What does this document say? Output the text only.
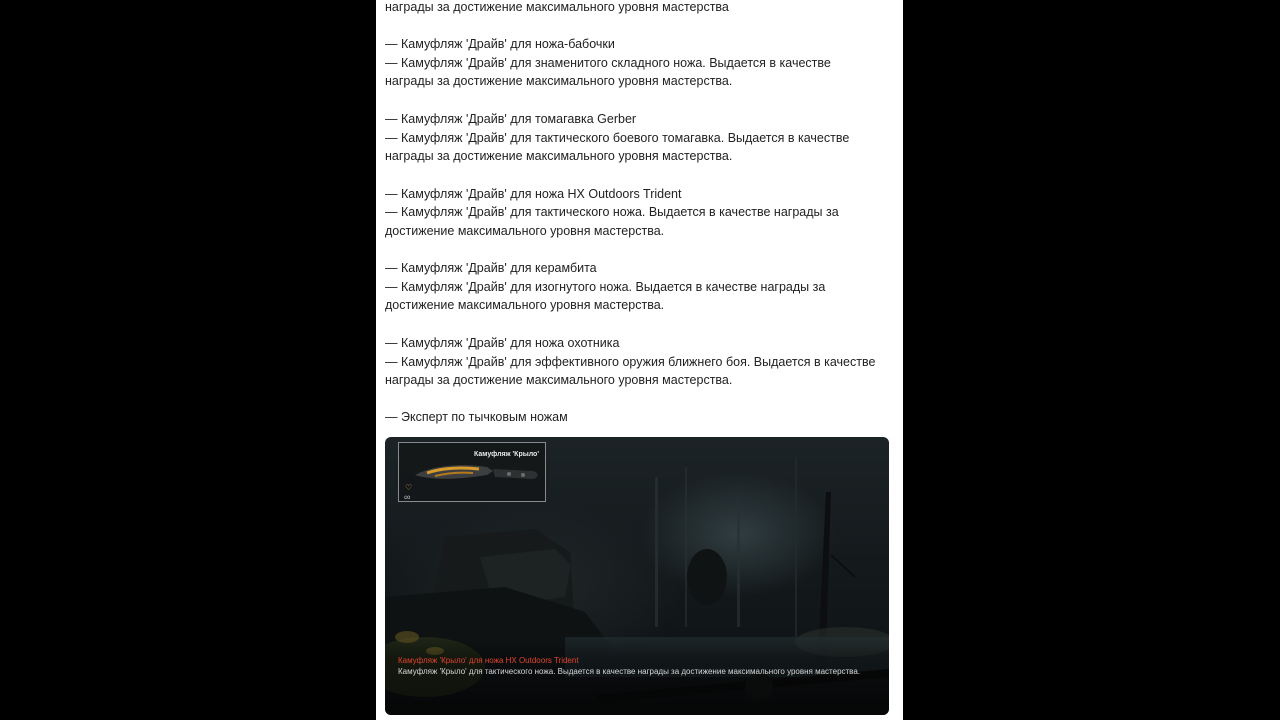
награды за достижение максимального уровня мастерства
— Камуфляж 'Драйв' для ножа-бабочки
— Камуфляж 'Драйв' для знаменитого складного ножа. Выдается в качестве
награды за достижение максимального уровня мастерства.
— Камуфляж 'Драйв' для томагавка Gerber
— Камуфляж 'Драйв' для тактического боевого томагавка. Выдается в качестве
награды за достижение максимального уровня мастерства.
— Камуфляж 'Драйв' для ножа HX Outdoors Trident
— Камуфляж 'Драйв' для тактического ножа. Выдается в качестве награды за
достижение максимального уровня мастерства.
— Камуфляж 'Драйв' для керамбита
— Камуфляж 'Драйв' для изогнутого ножа. Выдается в качестве награды за
достижение максимального уровня мастерства.
— Камуфляж 'Драйв' для ножа охотника
— Камуфляж 'Драйв' для эффективного оружия ближнего боя. Выдается в качестве
награды за достижение максимального уровня мастерства.
— Эксперт по тычковым ножам
Камуфляж 'Крыло'
♡
∞
Камуфляж 'Крыло' для ножа HX Outdoors Trident
Камуфляж 'Крыло' для тактического ножа. Выдается в качестве награды за достижение максимального уровня мастерства.
